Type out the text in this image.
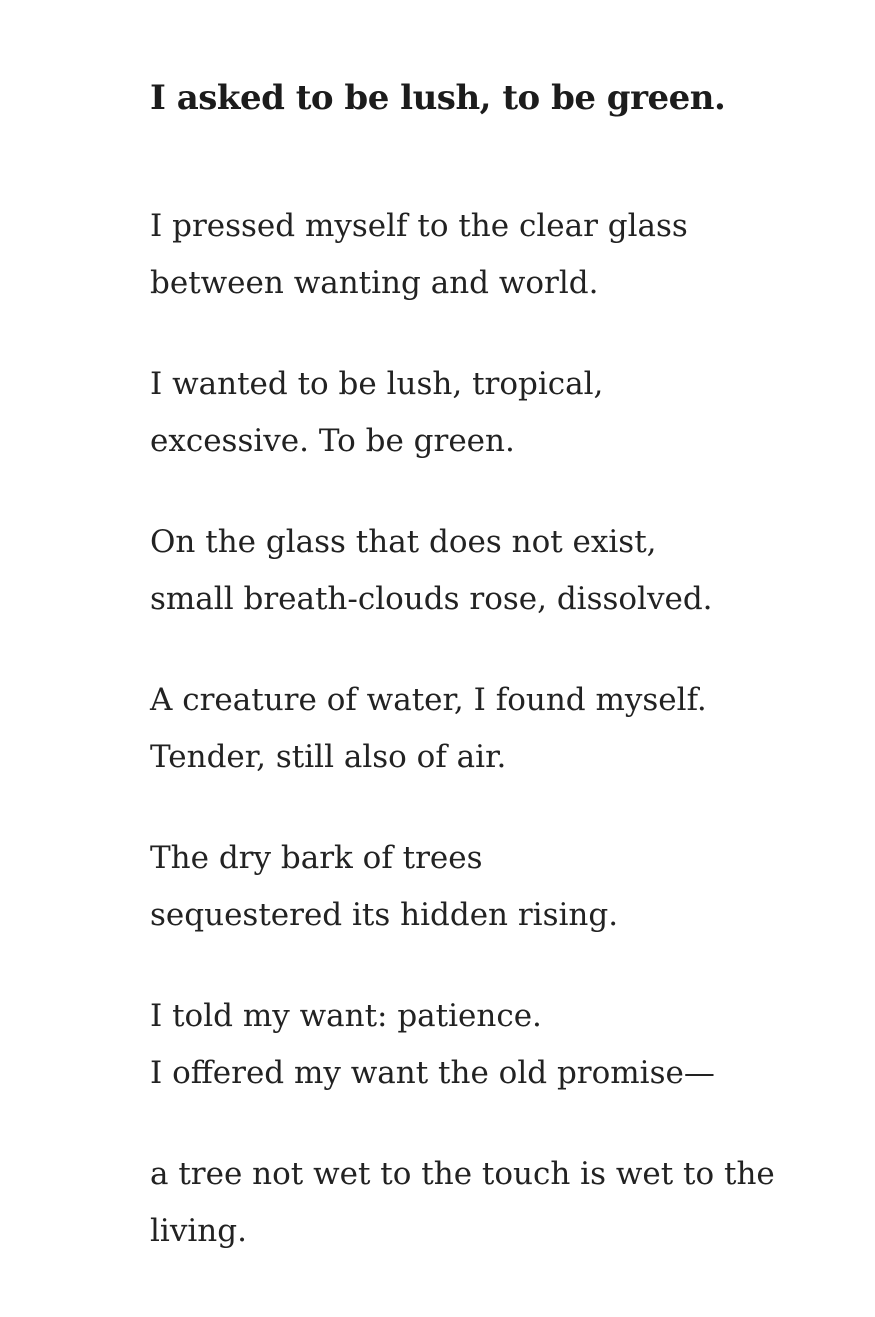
I asked to be lush, to be green.
I pressed myself to the clear glass
between wanting and world.
I wanted to be lush, tropical,
excessive. To be green.
On the glass that does not exist,
small breath-clouds rose, dissolved.
A creature of water, I found myself.
Tender, still also of air.
The dry bark of trees
sequestered its hidden rising.
I told my want: patience.
I offered my want the old promise—
a tree not wet to the touch is wet to the
living.
